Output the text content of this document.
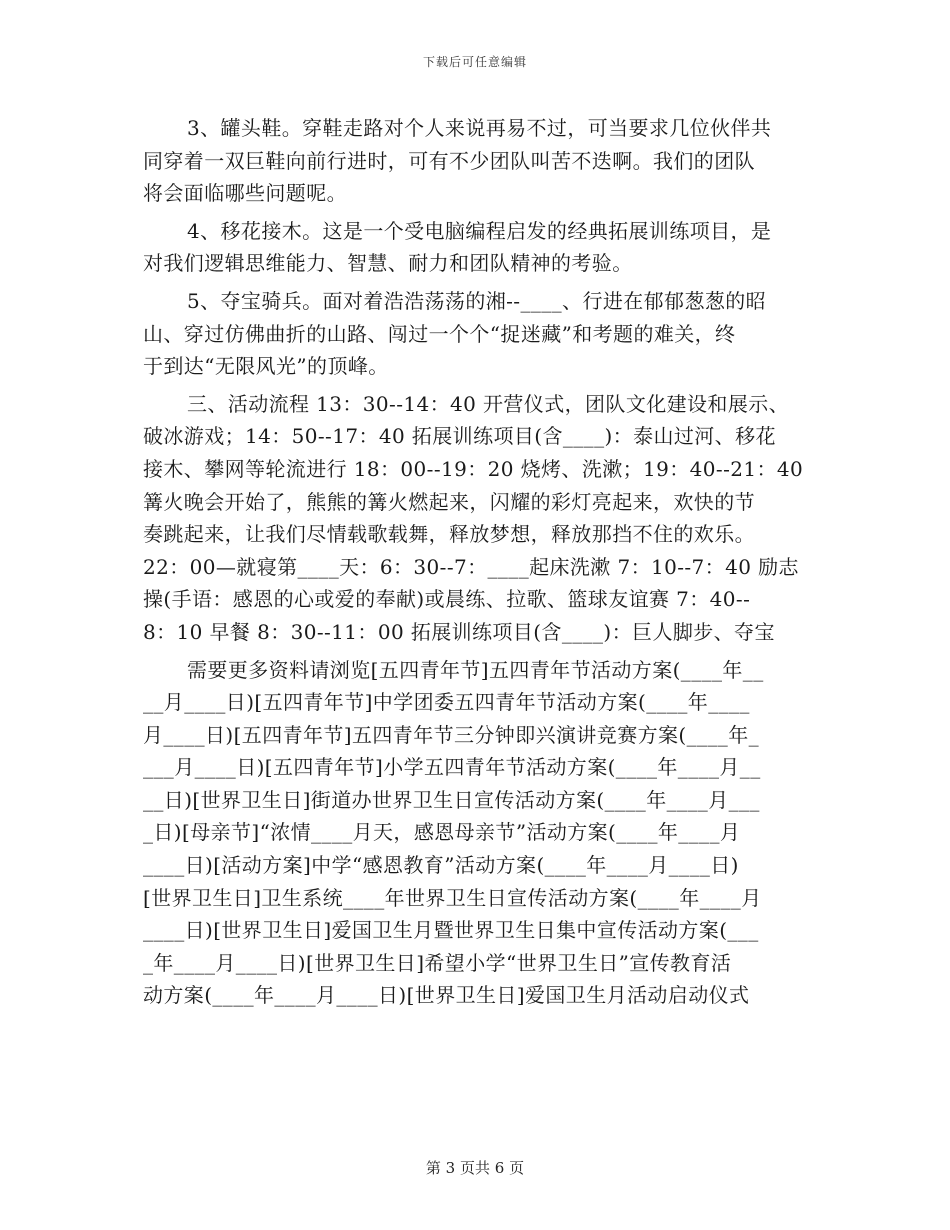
下载后可任意编辑
3、罐头鞋。穿鞋走路对个人来说再易不过，可当要求几位伙伴共
同穿着一双巨鞋向前行进时，可有不少团队叫苦不迭啊。我们的团队
将会面临哪些问题呢。
4、移花接木。这是一个受电脑编程启发的经典拓展训练项目，是
对我们逻辑思维能力、智慧、耐力和团队精神的考验。
5、夺宝骑兵。面对着浩浩荡荡的湘--____、行进在郁郁葱葱的昭
山、穿过仿佛曲折的山路、闯过一个个“捉迷藏”和考题的难关，终
于到达“无限风光”的顶峰。
三、活动流程 13：30--14：40 开营仪式，团队文化建设和展示、
破冰游戏；14：50--17：40 拓展训练项目(含____)：泰山过河、移花
接木、攀网等轮流进行 18：00--19：20 烧烤、洗漱；19：40--21：40
篝火晚会开始了，熊熊的篝火燃起来，闪耀的彩灯亮起来，欢快的节
奏跳起来，让我们尽情载歌载舞，释放梦想，释放那挡不住的欢乐。
22：00—就寝第____天：6：30--7：____起床洗漱 7：10--7：40 励志
操(手语：感恩的心或爱的奉献)或晨练、拉歌、篮球友谊赛 7：40--
8：10 早餐 8：30--11：00 拓展训练项目(含____)：巨人脚步、夺宝
需要更多资料请浏览[五四青年节]五四青年节活动方案(____年__
__月____日)[五四青年节]中学团委五四青年节活动方案(____年____
月____日)[五四青年节]五四青年节三分钟即兴演讲竞赛方案(____年_
___月____日)[五四青年节]小学五四青年节活动方案(____年____月__
__日)[世界卫生日]街道办世界卫生日宣传活动方案(____年____月___
_日)[母亲节]“浓情____月天，感恩母亲节”活动方案(____年____月
____日)[活动方案]中学“感恩教育”活动方案(____年____月____日)
[世界卫生日]卫生系统____年世界卫生日宣传活动方案(____年____月
____日)[世界卫生日]爱国卫生月暨世界卫生日集中宣传活动方案(___
_年____月____日)[世界卫生日]希望小学“世界卫生日”宣传教育活
动方案(____年____月____日)[世界卫生日]爱国卫生月活动启动仪式
第 3 页共 6 页
